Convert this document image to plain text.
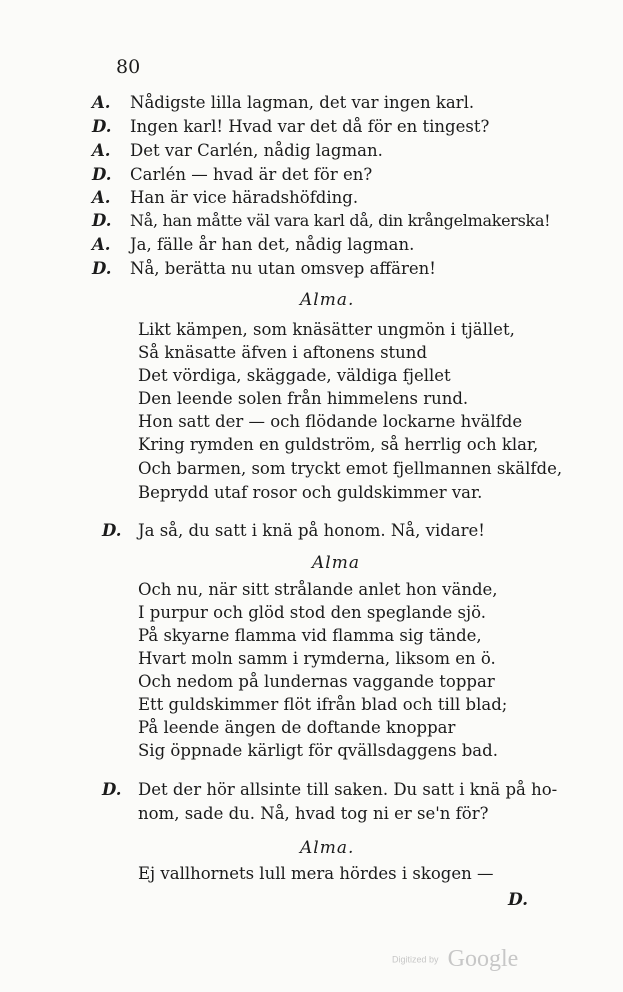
80
A.	Nådigste lilla lagman, det var ingen karl.
D.	Ingen karl! Hvad var det då för en tingest?
A.	Det var Carlén, nådig lagman.
D.	Carlén — hvad är det för en?
A.	Han är vice häradshöfding.
D.	Nå, han måtte väl vara karl då, din krångelmakerska!
A.	Ja, fälle år han det, nådig lagman.
D.	Nå, berätta nu utan omsvep affären!
Alma.
Likt kämpen, som knäsätter ungmön i tjället,
Så knäsatte äfven i aftonens stund
Det vördiga, skäggade, väldiga fjellet
Den leende solen från himmelens rund.
Hon satt der — och flödande lockarne hvälfde
Kring rymden en guldström, så herrlig och klar,
Och barmen, som tryckt emot fjellmannen skälfde,
Beprydd utaf rosor och guldskimmer var.
D.	Ja så, du satt i knä på honom. Nå, vidare!
Alma
Och nu, när sitt strålande anlet hon vände,
I purpur och glöd stod den speglande sjö.
På skyarne flamma vid flamma sig tände,
Hvart moln samm i rymderna, liksom en ö.
Och nedom på lundernas vaggande toppar
Ett guldskimmer flöt ifrån blad och till blad;
På leende ängen de doftande knoppar
Sig öppnade kärligt för qvällsdaggens bad.
D.	Det der hör allsinte till saken. Du satt i knä på ho-
nom, sade du. Nå, hvad tog ni er se'n för?
Alma.
Ej vallhornets lull mera hördes i skogen —
D.
Digitized by Google
